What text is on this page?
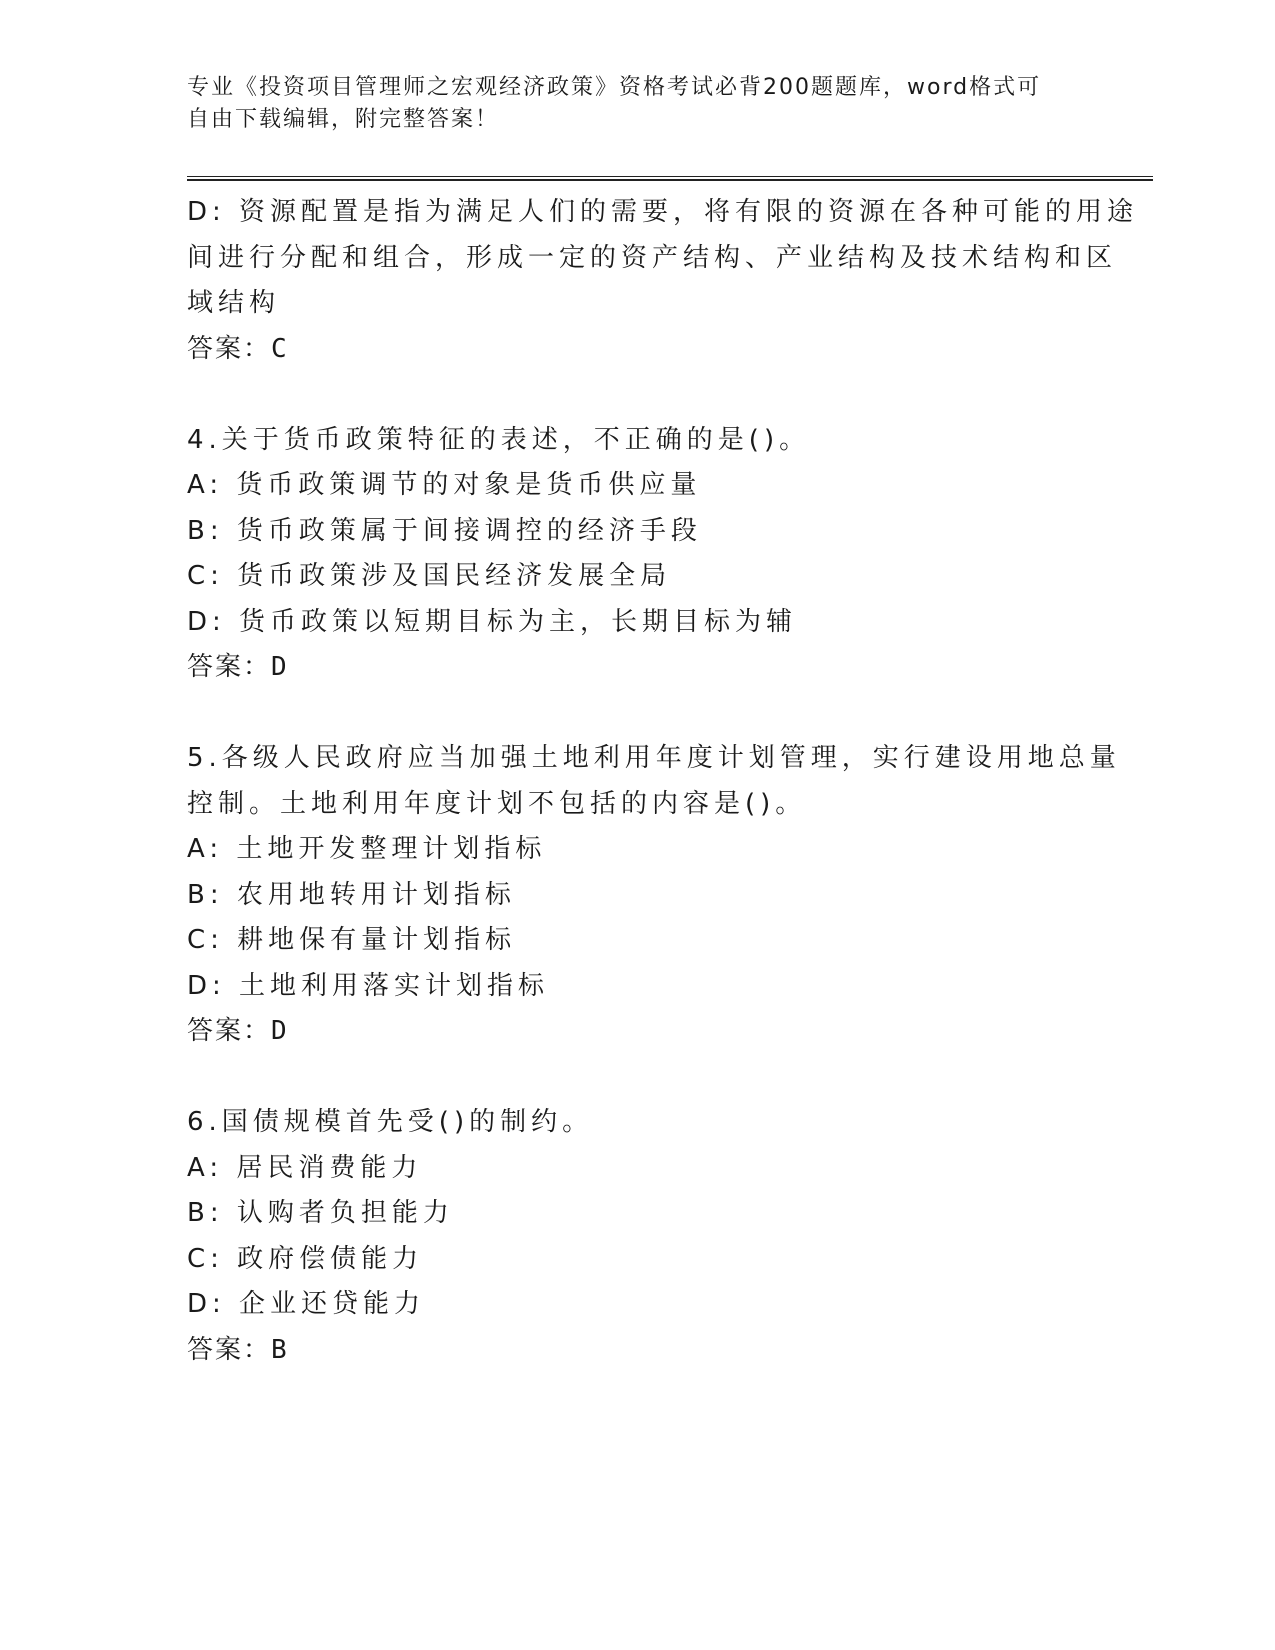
专业《投资项目管理师之宏观经济政策》资格考试必背200题题库，word格式可
自由下载编辑，附完整答案！
D: 资源配置是指为满足人们的需要，将有限的资源在各种可能的用途
间进行分配和组合，形成一定的资产结构、产业结构及技术结构和区
域结构
答案：C
4.关于货币政策特征的表述，不正确的是()。
A: 货币政策调节的对象是货币供应量
B: 货币政策属于间接调控的经济手段
C: 货币政策涉及国民经济发展全局
D: 货币政策以短期目标为主，长期目标为辅
答案：D
5.各级人民政府应当加强土地利用年度计划管理，实行建设用地总量
控制。土地利用年度计划不包括的内容是()。
A: 土地开发整理计划指标
B: 农用地转用计划指标
C: 耕地保有量计划指标
D: 土地利用落实计划指标
答案：D
6.国债规模首先受()的制约。
A: 居民消费能力
B: 认购者负担能力
C: 政府偿债能力
D: 企业还贷能力
答案：B
